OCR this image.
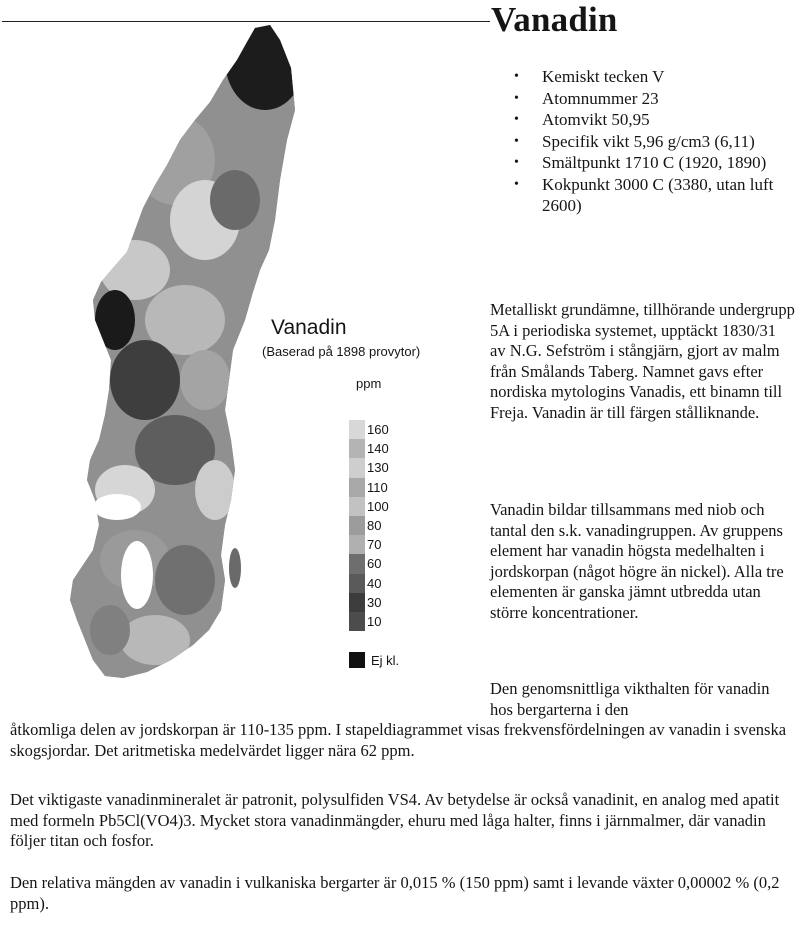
Vanadin
• Kemiskt tecken V
• Atomnummer 23
• Atomvikt 50,95
• Specifik vikt 5,96 g/cm3 (6,11)
• Smältpunkt 1710 C (1920, 1890)
• Kokpunkt 3000 C (3380, utan luft 2600)
Vanadin
(Baserad på 1898 provytor)
ppm
160
140
130
110
100
80
70
60
40
30
10
Ej kl.

Metalliskt grundämne, tillhörande undergrupp 5A i periodiska systemet, upptäckt 1830/31 av N.G. Sefström i stångjärn, gjort av malm från Smålands Taberg. Namnet gavs efter nordiska mytologins Vanadis, ett binamn till Freja. Vanadin är till färgen stålliknande.

Vanadin bildar tillsammans med niob och tantal den s.k. vanadingruppen. Av gruppens element har vanadin högsta medelhalten i jordskorpan (något högre än nickel). Alla tre elementen är ganska jämnt utbredda utan större koncentrationer.

Den genomsnittliga vikthalten för vanadin hos bergarterna i den

åtkomliga delen av jordskorpan är 110-135 ppm. I stapeldiagrammet visas frekvensfördelningen av vanadin i svenska skogsjordar. Det aritmetiska medelvärdet ligger nära 62 ppm.

Det viktigaste vanadinmineralet är patronit, polysulfiden VS4. Av betydelse är också vanadinit, en analog med apatit med formeln Pb5Cl(VO4)3. Mycket stora vanadinmängder, ehuru med låga halter, finns i järnmalmer, där vanadin följer titan och fosfor.

Den relativa mängden av vanadin i vulkaniska bergarter är 0,015 % (150 ppm) samt i levande växter 0,00002 % (0,2 ppm).
